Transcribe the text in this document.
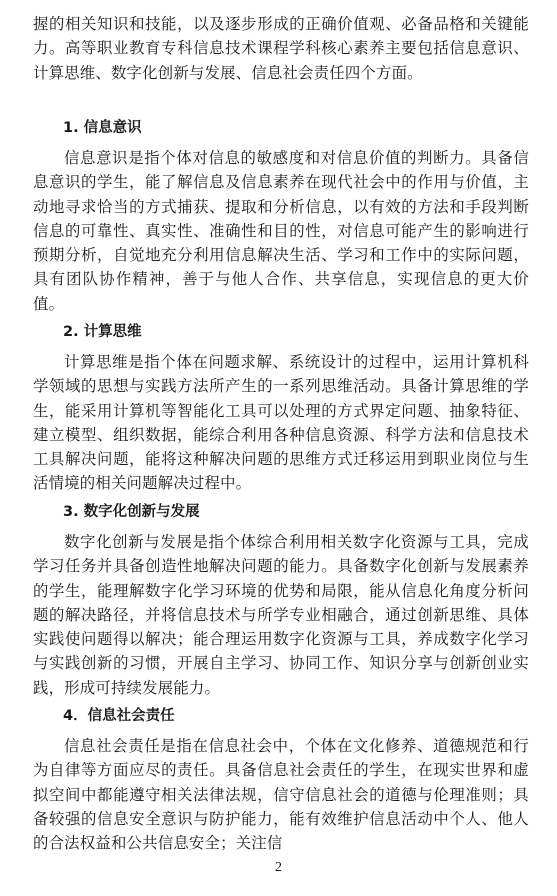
握的相关知识和技能，以及逐步形成的正确价值观、必备品格和关键能力。高等职业教育专科信息技术课程学科核心素养主要包括信息意识、计算思维、数字化创新与发展、信息社会责任四个方面。

1. 信息意识

信息意识是指个体对信息的敏感度和对信息价值的判断力。具备信息意识的学生，能了解信息及信息素养在现代社会中的作用与价值，主动地寻求恰当的方式捕获、提取和分析信息，以有效的方法和手段判断信息的可靠性、真实性、准确性和目的性，对信息可能产生的影响进行预期分析，自觉地充分利用信息解决生活、学习和工作中的实际问题，具有团队协作精神，善于与他人合作、共享信息，实现信息的更大价值。

2. 计算思维

计算思维是指个体在问题求解、系统设计的过程中，运用计算机科学领域的思想与实践方法所产生的一系列思维活动。具备计算思维的学生，能采用计算机等智能化工具可以处理的方式界定问题、抽象特征、建立模型、组织数据，能综合利用各种信息资源、科学方法和信息技术工具解决问题，能将这种解决问题的思维方式迁移运用到职业岗位与生活情境的相关问题解决过程中。

3. 数字化创新与发展

数字化创新与发展是指个体综合利用相关数字化资源与工具，完成学习任务并具备创造性地解决问题的能力。具备数字化创新与发展素养的学生，能理解数字化学习环境的优势和局限，能从信息化角度分析问题的解决路径，并将信息技术与所学专业相融合，通过创新思维、具体实践使问题得以解决；能合理运用数字化资源与工具，养成数字化学习与实践创新的习惯，开展自主学习、协同工作、知识分享与创新创业实践，形成可持续发展能力。

4．信息社会责任

信息社会责任是指在信息社会中，个体在文化修养、道德规范和行为自律等方面应尽的责任。具备信息社会责任的学生，在现实世界和虚拟空间中都能遵守相关法律法规，信守信息社会的道德与伦理准则；具备较强的信息安全意识与防护能力，能有效维护信息活动中个人、他人的合法权益和公共信息安全；关注信

2
